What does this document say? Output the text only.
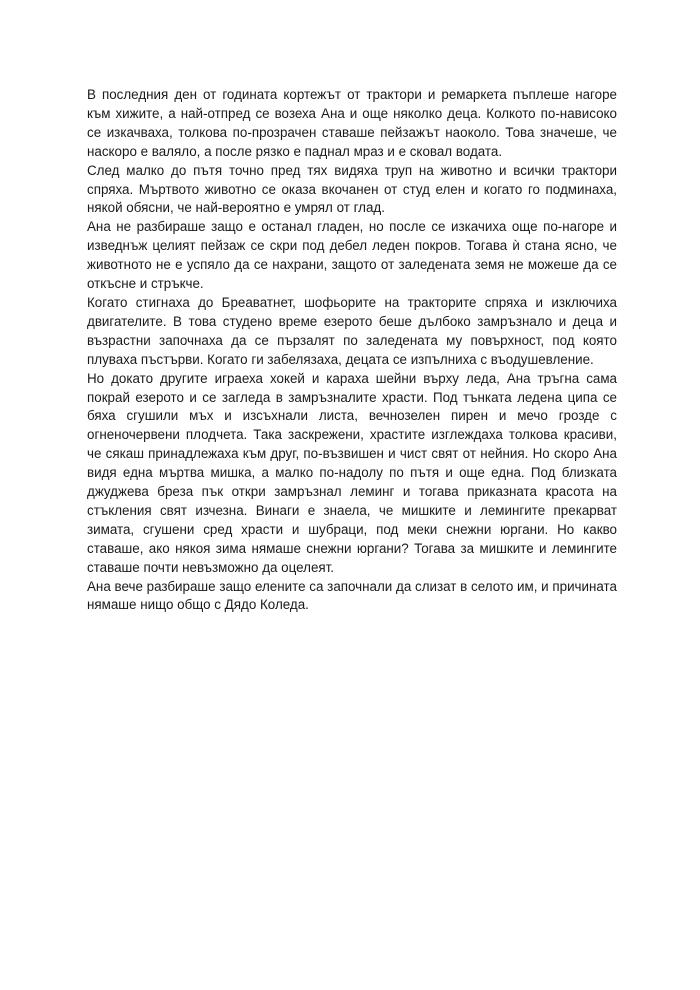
В последния ден от годината кортежът от трактори и ремаркета пъплеше нагоре към хижите, а най-отпред се возеха Ана и още няколко деца. Колкото по-нависоко се изкачваха, толкова по-прозрачен ставаше пейзажът наоколо. Това значеше, че наскоро е валяло, а после рязко е паднал мраз и е сковал водата.

След малко до пътя точно пред тях видяха труп на животно и всички трактори спряха. Мъртвото животно се оказа вкочанен от студ елен и когато го подминаха, някой обясни, че най-вероятно е умрял от глад.

Ана не разбираше защо е останал гладен, но после се изкачиха още по-нагоре и изведнъж целият пейзаж се скри под дебел леден покров. Тогава ѝ стана ясно, че животното не е успяло да се нахрани, защото от заледената земя не можеше да се откъсне и стръкче.

Когато стигнаха до Бреаватнет, шофьорите на тракторите спряха и изключиха двигателите. В това студено време езерото беше дълбоко замръзнало и деца и възрастни започнаха да се пързалят по заледената му повърхност, под която плуваха пъстърви. Когато ги забелязаха, децата се изпълниха с въодушевление.

Но докато другите играеха хокей и караха шейни върху леда, Ана тръгна сама покрай езерото и се загледа в замръзналите храсти. Под тънката ледена ципа се бяха сгушили мъх и изсъхнали листа, вечнозелен пирен и мечо грозде с огненочервени плодчета. Така заскрежени, храстите изглеждаха толкова красиви, че сякаш принадлежаха към друг, по-възвишен и чист свят от нейния. Но скоро Ана видя една мъртва мишка, а малко по-надолу по пътя и още една. Под близката джуджева бреза пък откри замръзнал леминг и тогава приказната красота на стъкления свят изчезна. Винаги е знаела, че мишките и лемингите прекарват зимата, сгушени сред храсти и шубраци, под меки снежни юргани. Но какво ставаше, ако някоя зима нямаше снежни юргани? Тогава за мишките и лемингите ставаше почти невъзможно да оцелеят.

Ана вече разбираше защо елените са започнали да слизат в селото им, и причината нямаше нищо общо с Дядо Коледа.
